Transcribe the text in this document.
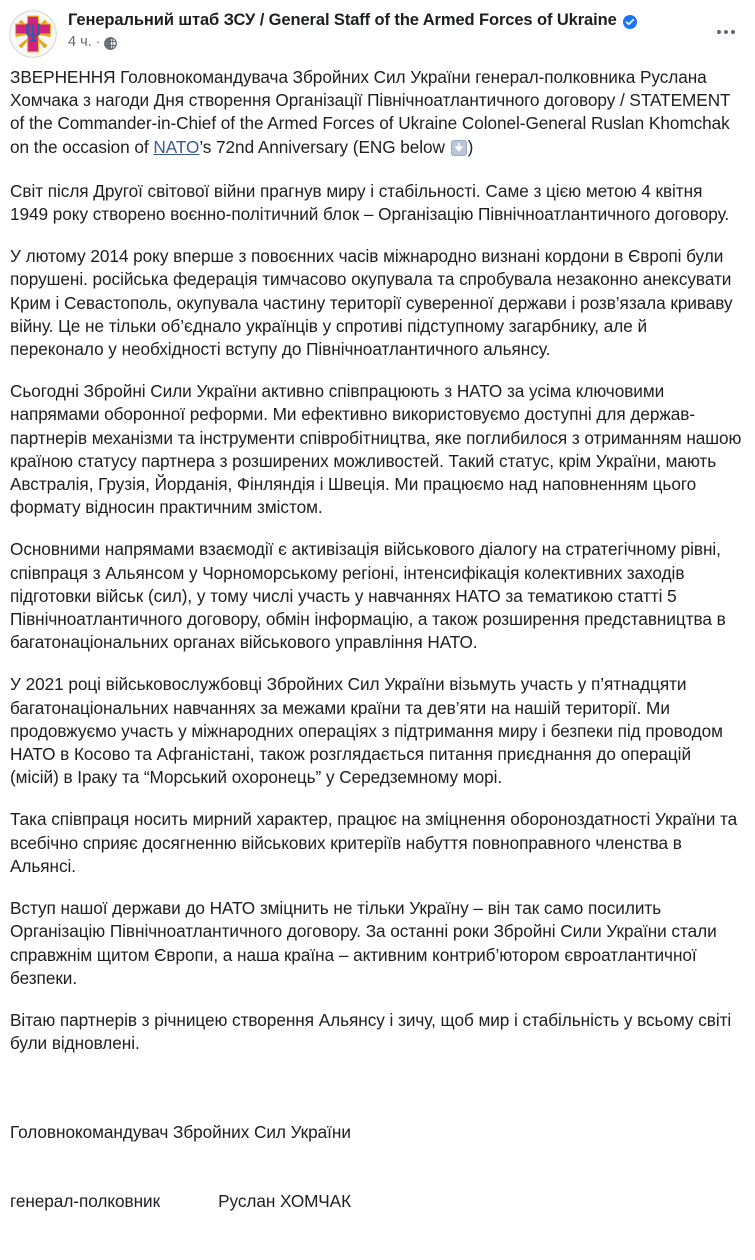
Генеральний штаб ЗСУ / General Staff of the Armed Forces of Ukraine
4 ч. ·

ЗВЕРНЕННЯ Головнокомандувача Збройних Сил України генерал-полковника Руслана Хомчака з нагоди Дня створення Організації Північноатлантичного договору / STATEMENT of the Commander-in-Chief of the Armed Forces of Ukraine Colonel-General Ruslan Khomchak on the occasion of NATO’s 72nd Anniversary (ENG below )

Світ після Другої світової війни прагнув миру і стабільності. Саме з цією метою 4 квітня 1949 року створено воєнно-політичний блок – Організацію Північноатлантичного договору.

У лютому 2014 року вперше з повоєнних часів міжнародно визнані кордони в Європі були порушені. російська федерація тимчасово окупувала та спробувала незаконно анексувати Крим і Севастополь, окупувала частину території суверенної держави і розв’язала криваву війну. Це не тільки об’єднало українців у спротиві підступному загарбнику, але й переконало у необхідності вступу до Північноатлантичного альянсу.

Сьогодні Збройні Сили України активно співпрацюють з НАТО за усіма ключовими напрямами оборонної реформи. Ми ефективно використовуємо доступні для держав-партнерів механізми та інструменти співробітництва, яке поглибилося з отриманням нашою країною статусу партнера з розширених можливостей. Такий статус, крім України, мають Австралія, Грузія, Йорданія, Фінляндія і Швеція. Ми працюємо над наповненням цього формату відносин практичним змістом.

Основними напрямами взаємодії є активізація військового діалогу на стратегічному рівні, співпраця з Альянсом у Чорноморському регіоні, інтенсифікація колективних заходів підготовки військ (сил), у тому числі участь у навчаннях НАТО за тематикою статті 5 Північноатлантичного договору, обмін інформацію, а також розширення представництва в багатонаціональних органах військового управління НАТО.

У 2021 році військовослужбовці Збройних Сил України візьмуть участь у п’ятнадцяти багатонаціональних навчаннях за межами країни та дев’яти на нашій території. Ми продовжуємо участь у міжнародних операціях з підтримання миру і безпеки під проводом НАТО в Косово та Афганістані, також розглядається питання приєднання до операцій (місій) в Іраку та “Морський охоронець” у Середземному морі.

Така співпраця носить мирний характер, працює на зміцнення обороноздатності України та всебічно сприяє досягненню військових критеріїв набуття повноправного членства в Альянсі.

Вступ нашої держави до НАТО зміцнить не тільки Україну – він так само посилить Організацію Північноатлантичного договору. За останні роки Збройні Сили України стали справжнім щитом Європи, а наша країна – активним контриб’ютором євроатлантичної безпеки.

Вітаю партнерів з річницею створення Альянсу і зичу, щоб мир і стабільність у всьому світі були відновлені.

Головнокомандувач Збройних Сил України

генерал-полковник	Руслан ХОМЧАК
